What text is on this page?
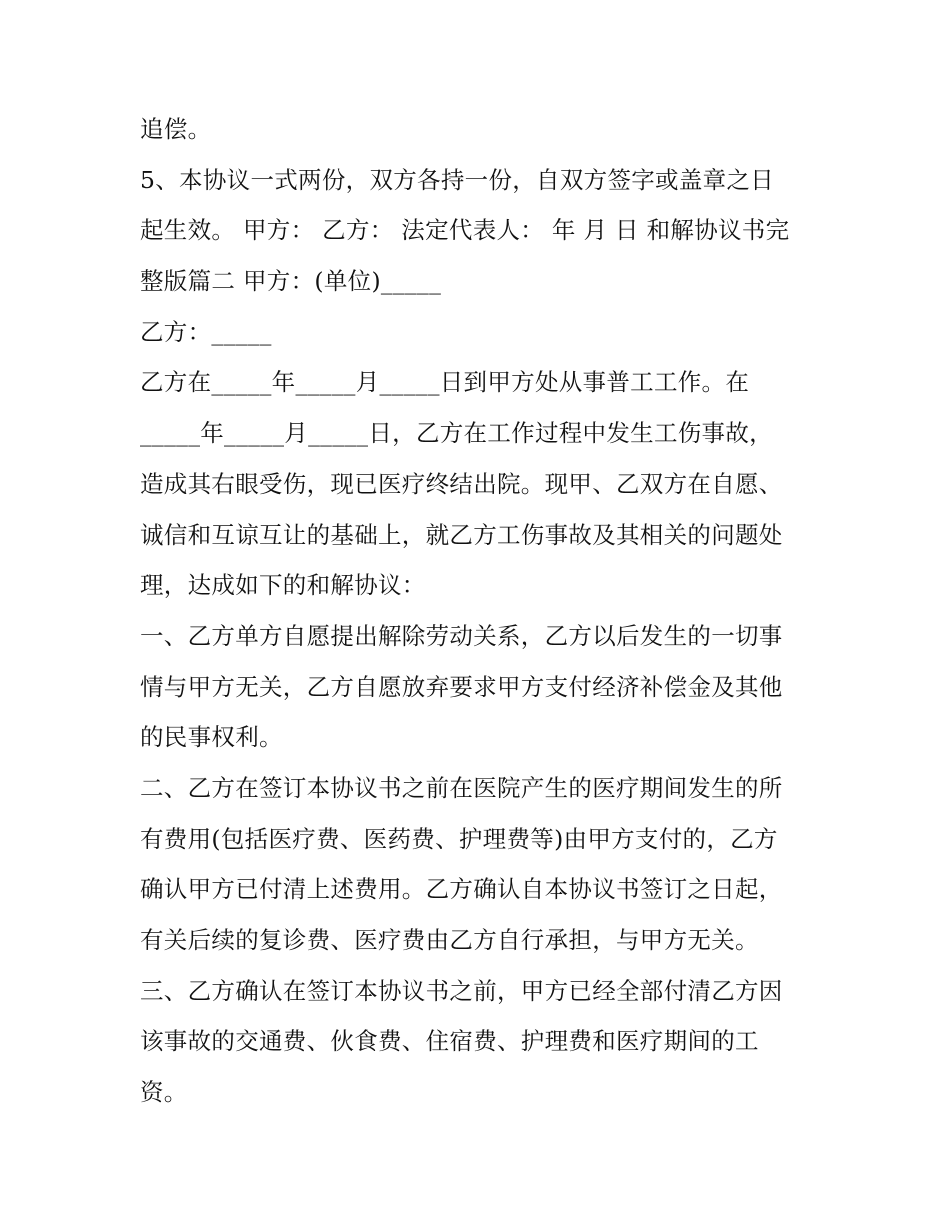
追偿。
5、本协议一式两份，双方各持一份，自双方签字或盖章之日
起生效。 甲方： 乙方： 法定代表人： 年 月 日 和解协议书完
整版篇二 甲方：(单位)_____
乙方：_____
乙方在_____年_____月_____日到甲方处从事普工工作。在
_____年_____月_____日，乙方在工作过程中发生工伤事故，
造成其右眼受伤，现已医疗终结出院。现甲、乙双方在自愿、
诚信和互谅互让的基础上，就乙方工伤事故及其相关的问题处
理，达成如下的和解协议：
一、乙方单方自愿提出解除劳动关系，乙方以后发生的一切事
情与甲方无关，乙方自愿放弃要求甲方支付经济补偿金及其他
的民事权利。
二、乙方在签订本协议书之前在医院产生的医疗期间发生的所
有费用(包括医疗费、医药费、护理费等)由甲方支付的，乙方
确认甲方已付清上述费用。乙方确认自本协议书签订之日起，
有关后续的复诊费、医疗费由乙方自行承担，与甲方无关。
三、乙方确认在签订本协议书之前，甲方已经全部付清乙方因
该事故的交通费、伙食费、住宿费、护理费和医疗期间的工
资。
